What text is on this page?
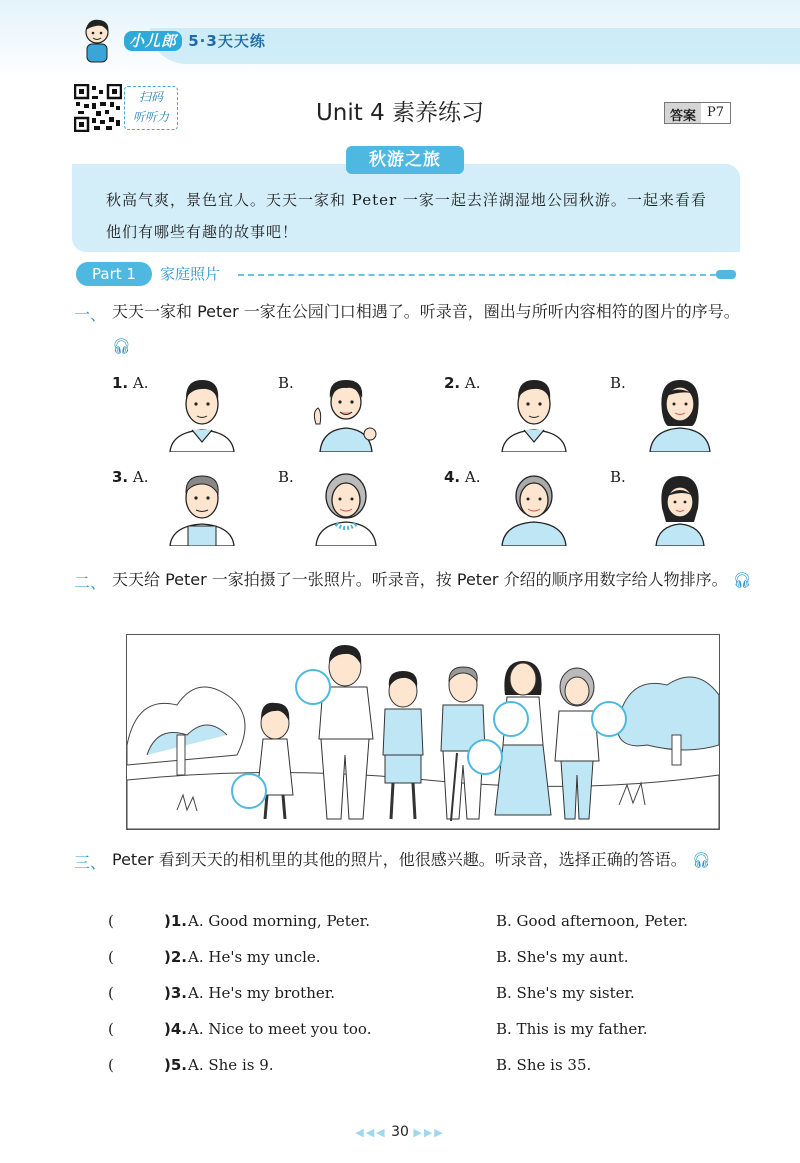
小儿郎 5·3天天练
扫码
听听力	Unit 4 素养练习	答案 P7
秋高气爽，景色宜人。天天一家和 Peter 一家一起去洋湖湿地公园秋游。一起来看看他们有哪些有趣的故事吧！
秋游之旅
Part 1	家庭照片
一、 天天一家和 Peter 一家在公园门口相遇了。听录音，圈出与所听内容相符的图片的序号。 🎧︎
1. A.	B.	2. A.	B.
3. A.	B.	4. A.	B.
二、 天天给 Peter 一家拍摄了一张照片。听录音，按 Peter 介绍的顺序用数字给人物排序。 🎧︎
三、 Peter 看到天天的相机里的其他的照片，他很感兴趣。听录音，选择正确的答语。 🎧︎
(	)1. A. Good morning, Peter.	B. Good afternoon, Peter.
(	)2. A. He's my uncle.	B. She's my aunt.
(	)3. A. He's my brother.	B. She's my sister.
(	)4. A. Nice to meet you too.	B. This is my father.
(	)5. A. She is 9.	B. She is 35.
◀◀◀ 30 ▶▶▶
